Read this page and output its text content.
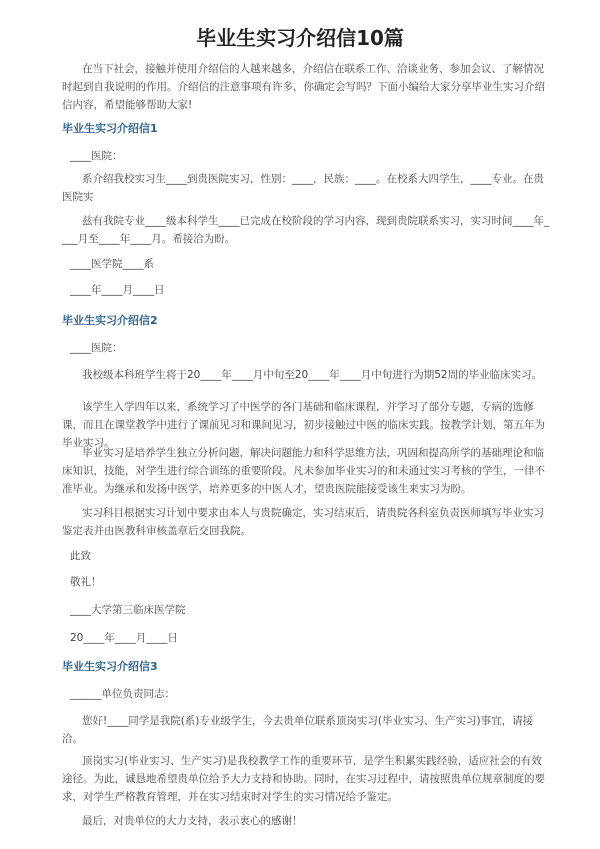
毕业生实习介绍信10篇
在当下社会，接触并使用介绍信的人越来越多，介绍信在联系工作、洽谈业务、参加会议、了解情况时起到自我说明的作用。介绍信的注意事项有许多，你确定会写吗？下面小编给大家分享毕业生实习介绍信内容，希望能够帮助大家!
毕业生实习介绍信1
____医院：
系介绍我校实习生____到贵医院实习，性别：____，民族：____。在校系大四学生，____专业。在贵医院实
兹有我院专业____级本科学生____已完成在校阶段的学习内容，现到贵院联系实习，实习时间____年____月至____年____月。希接洽为盼。
____医学院____系
____年____月____日
毕业生实习介绍信2
____医院：
我校级本科班学生将于20____年____月中旬至20____年____月中旬进行为期52周的毕业临床实习。
该学生入学四年以来，系统学习了中医学的各门基础和临床课程，并学习了部分专题，专病的选修课，而且在课堂教学中进行了课前见习和课间见习，初步接触过中医的临床实践。按教学计划，第五年为毕业实习。
毕业实习是培养学生独立分析问题，解决问题能力和科学思维方法，巩固和提高所学的基础理论和临床知识，技能，对学生进行综合训练的重要阶段。凡未参加毕业实习的和未通过实习考核的学生，一律不准毕业。为继承和发扬中医学，培养更多的中医人才，望贵医院能接受该生来实习为盼。
实习科目根据实习计划中要求由本人与贵院确定，实习结束后，请贵院各科室负责医师填写毕业实习鉴定表并由医教科审核盖章后交回我院。
此致
敬礼！
____大学第三临床医学院
20____年____月____日
毕业生实习介绍信3
______单位负责同志：
您好!____同学是我院(系)专业级学生，今去贵单位联系顶岗实习(毕业实习、生产实习)事宜，请接洽。
顶岗实习(毕业实习、生产实习)是我校教学工作的重要环节，是学生积累实践经验，适应社会的有效途径。为此，诚恳地希望贵单位给予大力支持和协助。同时，在实习过程中，请按照贵单位规章制度的要求，对学生严格教育管理，并在实习结束时对学生的实习情况给予鉴定。
最后，对贵单位的大力支持，表示衷心的感谢！
